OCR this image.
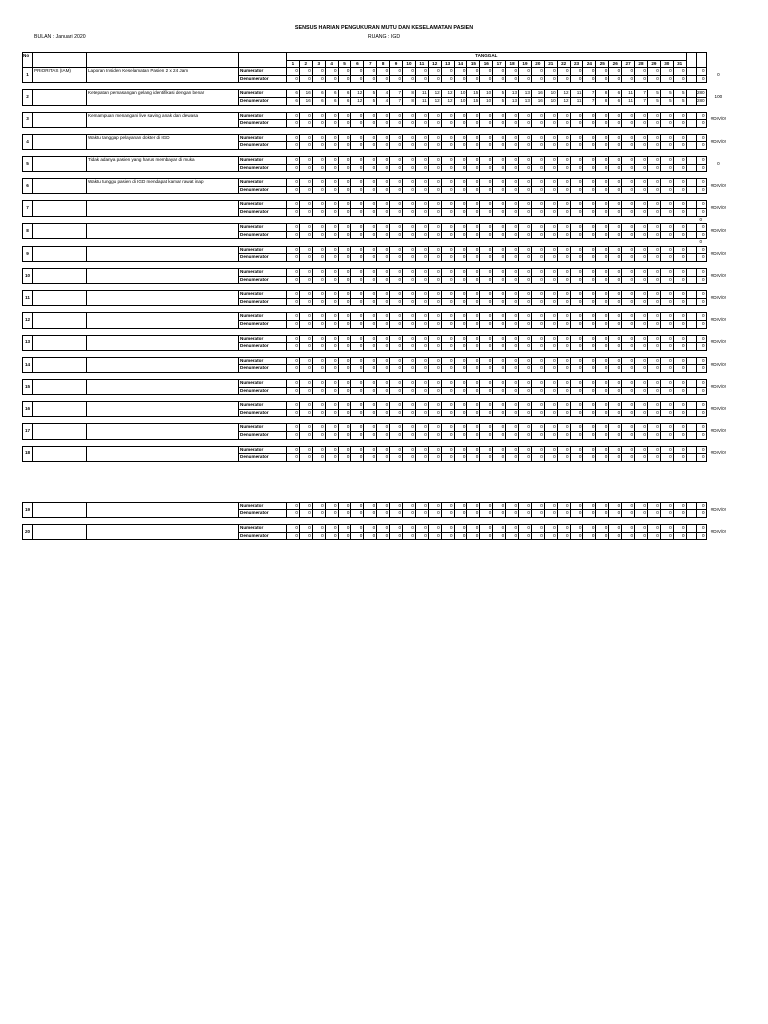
SENSUS HARIAN PENGUKURAN MUTU DAN KESELAMATAN PASIEN
RUANG : IGD
BULAN : Januari 2020
No				TANGGAL																																	
				1	2	3	4	5	6	7	8	9	10	11	12	13	14	15	16	17	18	19	20	21	22	23	24	25	26	27	28	29	30	31			
1	PRIORITAS (IAM)	Laporan Insiden Keselamatan Pasien 2 x 24 Jam	Numerator	0	0	0	0	0	0	0	0	0	0	0	0	0	0	0	0	0	0	0	0	0	0	0	0	0	0	0	0	0	0	0		0	0
			Denumerator	0	0	0	0	0	0	0	0	0	0	0	0	0	0	0	0	0	0	0	0	0	0	0	0	0	0	0	0	0	0	0		0	

2		Ketepatan pemasangan gelang identifikasi dengan benar	Numerator	6	16	6	6	6	12	5	4	7	8	11	12	12	10	15	10	5	13	13	16	10	12	11	7	8	6	11	7	5	5	5		280	100
			Denumerator	6	16	6	6	6	12	5	4	7	8	11	12	12	10	15	10	5	13	13	16	10	12	11	7	8	6	11	7	5	5	5		280	

3		Kemampuan menangani live saving anak dan dewasa	Numerator	0	0	0	0	0	0	0	0	0	0	0	0	0	0	0	0	0	0	0	0	0	0	0	0	0	0	0	0	0	0	0		0	#DIV/0!
			Denumerator	0	0	0	0	0	0	0	0	0	0	0	0	0	0	0	0	0	0	0	0	0	0	0	0	0	0	0	0	0	0	0		0	

4		Waktu tanggap pelayanan dokter di IGD	Numerator	0	0	0	0	0	0	0	0	0	0	0	0	0	0	0	0	0	0	0	0	0	0	0	0	0	0	0	0	0	0	0		0	#DIV/0!
			Denumerator	0	0	0	0	0	0	0	0	0	0	0	0	0	0	0	0	0	0	0	0	0	0	0	0	0	0	0	0	0	0	0		0	

5		Tidak adanya pasien yang harus membayar di muka	Numerator	0	0	0	0	0	0	0	0	0	0	0	0	0	0	0	0	0	0	0	0	0	0	0	0	0	0	0	0	0	0	0		0	0
			Denumerator	0	0	0	0	0	0	0	0	0	0	0	0	0	0	0	0	0	0	0	0	0	0	0	0	0	0	0	0	0	0	0		0	

6		Waktu tunggu pasien di IGD mendapat kamar rawat inap	Numerator	0	0	0	0	0	0	0	0	0	0	0	0	0	0	0	0	0	0	0	0	0	0	0	0	0	0	0	0	0	0	0		0	#DIV/0!
			Denumerator	0	0	0	0	0	0	0	0	0	0	0	0	0	0	0	0	0	0	0	0	0	0	0	0	0	0	0	0	0	0	0		0	

7			Numerator	0	0	0	0	0	0	0	0	0	0	0	0	0	0	0	0	0	0	0	0	0	0	0	0	0	0	0	0	0	0	0		0	#DIV/0!
			Denumerator	0	0	0	0	0	0	0	0	0	0	0	0	0	0	0	0	0	0	0	0	0	0	0	0	0	0	0	0	0	0	0		0	
0																																					
8			Numerator	0	0	0	0	0	0	0	0	0	0	0	0	0	0	0	0	0	0	0	0	0	0	0	0	0	0	0	0	0	0	0		0	#DIV/0!
			Denumerator	0	0	0	0	0	0	0	0	0	0	0	0	0	0	0	0	0	0	0	0	0	0	0	0	0	0	0	0	0	0	0		0	
0																																					
9			Numerator	0	0	0	0	0	0	0	0	0	0	0	0	0	0	0	0	0	0	0	0	0	0	0	0	0	0	0	0	0	0	0		0	#DIV/0!
			Denumerator	0	0	0	0	0	0	0	0	0	0	0	0	0	0	0	0	0	0	0	0	0	0	0	0	0	0	0	0	0	0	0		0	

10			Numerator	0	0	0	0	0	0	0	0	0	0	0	0	0	0	0	0	0	0	0	0	0	0	0	0	0	0	0	0	0	0	0		0	#DIV/0!
			Denumerator	0	0	0	0	0	0	0	0	0	0	0	0	0	0	0	0	0	0	0	0	0	0	0	0	0	0	0	0	0	0	0		0	

11			Numerator	0	0	0	0	0	0	0	0	0	0	0	0	0	0	0	0	0	0	0	0	0	0	0	0	0	0	0	0	0	0	0		0	#DIV/0!
			Denumerator	0	0	0	0	0	0	0	0	0	0	0	0	0	0	0	0	0	0	0	0	0	0	0	0	0	0	0	0	0	0	0		0	

12			Numerator	0	0	0	0	0	0	0	0	0	0	0	0	0	0	0	0	0	0	0	0	0	0	0	0	0	0	0	0	0	0	0		0	#DIV/0!
			Denumerator	0	0	0	0	0	0	0	0	0	0	0	0	0	0	0	0	0	0	0	0	0	0	0	0	0	0	0	0	0	0	0		0	

13			Numerator	0	0	0	0	0	0	0	0	0	0	0	0	0	0	0	0	0	0	0	0	0	0	0	0	0	0	0	0	0	0	0		0	#DIV/0!
			Denumerator	0	0	0	0	0	0	0	0	0	0	0	0	0	0	0	0	0	0	0	0	0	0	0	0	0	0	0	0	0	0	0		0	

14			Numerator	0	0	0	0	0	0	0	0	0	0	0	0	0	0	0	0	0	0	0	0	0	0	0	0	0	0	0	0	0	0	0		0	#DIV/0!
			Denumerator	0	0	0	0	0	0	0	0	0	0	0	0	0	0	0	0	0	0	0	0	0	0	0	0	0	0	0	0	0	0	0		0	

15			Numerator	0	0	0	0	0	0	0	0	0	0	0	0	0	0	0	0	0	0	0	0	0	0	0	0	0	0	0	0	0	0	0		0	#DIV/0!
			Denumerator	0	0	0	0	0	0	0	0	0	0	0	0	0	0	0	0	0	0	0	0	0	0	0	0	0	0	0	0	0	0	0		0	

16			Numerator	0	0	0	0	0	0	0	0	0	0	0	0	0	0	0	0	0	0	0	0	0	0	0	0	0	0	0	0	0	0	0		0	#DIV/0!
			Denumerator	0	0	0	0	0	0	0	0	0	0	0	0	0	0	0	0	0	0	0	0	0	0	0	0	0	0	0	0	0	0	0		0	

17			Numerator	0	0	0	0	0	0	0	0	0	0	0	0	0	0	0	0	0	0	0	0	0	0	0	0	0	0	0	0	0	0	0		0	#DIV/0!
			Denumerator	0	0	0	0	0	0	0	0	0	0	0	0	0	0	0	0	0	0	0	0	0	0	0	0	0	0	0	0	0	0	0		0	

18			Numerator	0	0	0	0	0	0	0	0	0	0	0	0	0	0	0	0	0	0	0	0	0	0	0	0	0	0	0	0	0	0	0		0	#DIV/0!
			Denumerator	0	0	0	0	0	0	0	0	0	0	0	0	0	0	0	0	0	0	0	0	0	0	0	0	0	0	0	0	0	0	0		0	

19			Numerator	0	0	0	0	0	0	0	0	0	0	0	0	0	0	0	0	0	0	0	0	0	0	0	0	0	0	0	0	0	0	0		0	#DIV/0!
			Denumerator	0	0	0	0	0	0	0	0	0	0	0	0	0	0	0	0	0	0	0	0	0	0	0	0	0	0	0	0	0	0	0		0	

20			Numerator	0	0	0	0	0	0	0	0	0	0	0	0	0	0	0	0	0	0	0	0	0	0	0	0	0	0	0	0	0	0	0		0	#DIV/0!
			Denumerator	0	0	0	0	0	0	0	0	0	0	0	0	0	0	0	0	0	0	0	0	0	0	0	0	0	0	0	0	0	0	0		0	
